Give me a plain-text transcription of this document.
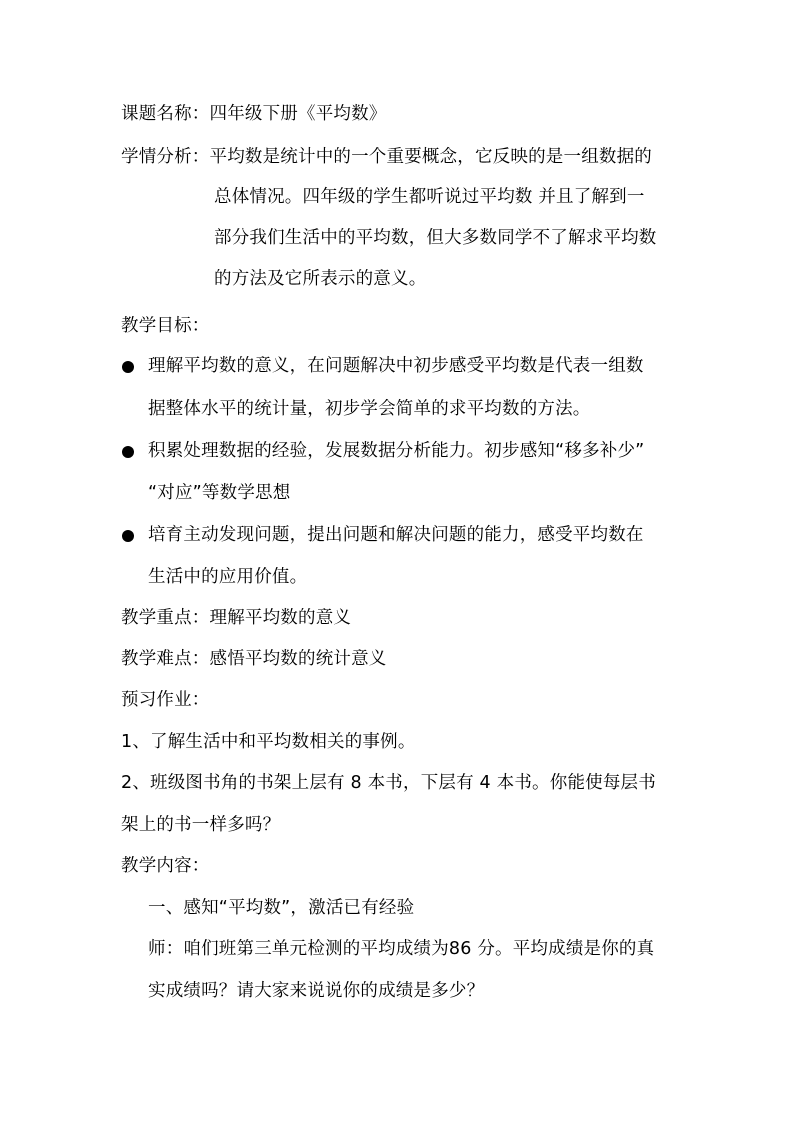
课题名称：四年级下册《平均数》
学情分析：平均数是统计中的一个重要概念，它反映的是一组数据的
总体情况。四年级的学生都听说过平均数 并且了解到一
部分我们生活中的平均数，但大多数同学不了解求平均数
的方法及它所表示的意义。
教学目标：
理解平均数的意义，在问题解决中初步感受平均数是代表一组数
据整体水平的统计量，初步学会简单的求平均数的方法。
积累处理数据的经验，发展数据分析能力。初步感知“移多补少”
“对应”等数学思想
培育主动发现问题，提出问题和解决问题的能力，感受平均数在
生活中的应用价值。
教学重点：理解平均数的意义
教学难点：感悟平均数的统计意义
预习作业：
1、了解生活中和平均数相关的事例。
2、班级图书角的书架上层有 8 本书，下层有 4 本书。你能使每层书
架上的书一样多吗？
教学内容：
一、感知“平均数”，激活已有经验
师：咱们班第三单元检测的平均成绩为86 分。平均成绩是你的真
实成绩吗？请大家来说说你的成绩是多少？
